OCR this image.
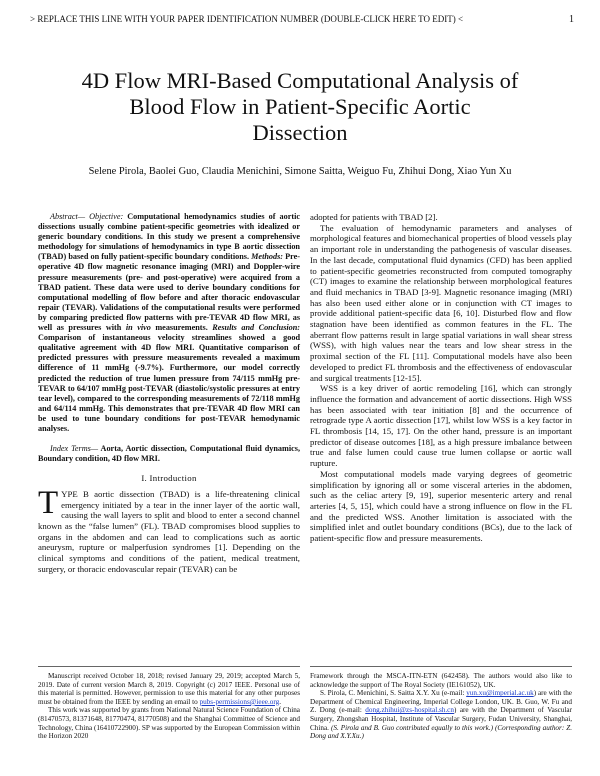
> REPLACE THIS LINE WITH YOUR PAPER IDENTIFICATION NUMBER (DOUBLE-CLICK HERE TO EDIT) <	1
4D Flow MRI-Based Computational Analysis of
Blood Flow in Patient-Specific Aortic
Dissection
Selene Pirola, Baolei Guo, Claudia Menichini, Simone Saitta, Weiguo Fu, Zhihui Dong, Xiao Yun Xu

Abstract— Objective: Computational hemodynamics studies of aortic dissections usually combine patient-specific geometries with idealized or generic boundary conditions. In this study we present a comprehensive methodology for simulations of hemodynamics in type B aortic dissection (TBAD) based on fully patient-specific boundary conditions. Methods: Pre-operative 4D flow magnetic resonance imaging (MRI) and Doppler-wire pressure measurements (pre- and post-operative) were acquired from a TBAD patient. These data were used to derive boundary conditions for computational modelling of flow before and after thoracic endovascular repair (TEVAR). Validations of the computational results were performed by comparing predicted flow patterns with pre-TEVAR 4D flow MRI, as well as pressures with in vivo measurements. Results and Conclusion: Comparison of instantaneous velocity streamlines showed a good qualitative agreement with 4D flow MRI. Quantitative comparison of predicted pressures with pressure measurements revealed a maximum difference of 11 mmHg (-9.7%). Furthermore, our model correctly predicted the reduction of true lumen pressure from 74/115 mmHg pre-TEVAR to 64/107 mmHg post-TEVAR (diastolic/systolic pressures at entry tear level), compared to the corresponding measurements of 72/118 mmHg and 64/114 mmHg. This demonstrates that pre-TEVAR 4D flow MRI can be used to tune boundary conditions for post-TEVAR hemodynamic analyses.

Index Terms— Aorta, Aortic dissection, Computational fluid dynamics, Boundary condition, 4D flow MRI.
I. Introduction

TYPE B aortic dissection (TBAD) is a life-threatening clinical emergency initiated by a tear in the inner layer of the aortic wall, causing the wall layers to split and blood to enter a second channel known as the “false lumen” (FL). TBAD compromises blood supplies to organs in the abdomen and can lead to complications such as aortic aneurysm, rupture or malperfusion syndromes [1]. Depending on the clinical symptoms and conditions of the patient, medical treatment, surgery, or thoracic endovascular repair (TEVAR) can be

adopted for patients with TBAD [2].

The evaluation of hemodynamic parameters and analyses of morphological features and biomechanical properties of blood vessels play an important role in understanding the pathogenesis of vascular diseases. In the last decade, computational fluid dynamics (CFD) has been applied to patient-specific geometries reconstructed from computed tomography (CT) images to examine the relationship between morphological features and fluid mechanics in TBAD [3-9]. Magnetic resonance imaging (MRI) has also been used either alone or in conjunction with CT images to provide additional patient-specific data [6, 10]. Disturbed flow and flow stagnation have been identified as common features in the FL. The aberrant flow patterns result in large spatial variations in wall shear stress (WSS), with high values near the tears and low shear stress in the proximal section of the FL [11]. Computational models have also been developed to predict FL thrombosis and the effectiveness of endovascular and surgical treatments [12-15].

WSS is a key driver of aortic remodeling [16], which can strongly influence the formation and advancement of aortic dissections. High WSS has been associated with tear initiation [8] and the occurrence of retrograde type A aortic dissection [17], whilst low WSS is a key factor in FL thrombosis [14, 15, 17]. On the other hand, pressure is an important predictor of disease outcomes [18], as a high pressure imbalance between true and false lumen could cause true lumen collapse or aortic wall rupture.

Most computational models made varying degrees of geometric simplification by ignoring all or some visceral arteries in the abdomen, such as the celiac artery [9, 19], superior mesenteric artery and renal arteries [4, 5, 15], which could have a strong influence on flow in the FL and the predicted WSS. Another limitation is associated with the simplified inlet and outlet boundary conditions (BCs), due to the lack of patient-specific flow and pressure measurements.

Manuscript received October 18, 2018; revised January 29, 2019; accepted March 5, 2019. Date of current version March 8, 2019. Copyright (c) 2017 IEEE. Personal use of this material is permitted. However, permission to use this material for any other purposes must be obtained from the IEEE by sending an email to pubs-permissions@ieee.org.

This work was supported by grants from National Natural Science Foundation of China (81470573, 81371648, 81770474, 81770508) and the Shanghai Committee of Science and Technology, China (16410722900). SP was supported by the European Commission within the Horizon 2020

Framework through the MSCA-ITN-ETN (642458). The authors would also like to acknowledge the support of The Royal Society (IE161052), UK.

S. Pirola, C. Menichini, S. Saitta X.Y. Xu (e-mail: yun.xu@imperial.ac.uk) are with the Department of Chemical Engineering, Imperial College London, UK. B. Guo, W. Fu and Z. Dong (e-mail: dong.zhihui@zs-hospital.sh.cn) are with the Department of Vascular Surgery, Zhongshan Hospital, Institute of Vascular Surgery, Fudan University, Shanghai, China. (S. Pirola and B. Guo contributed equally to this work.) (Corresponding author: Z. Dong and X.Y.Xu.)
